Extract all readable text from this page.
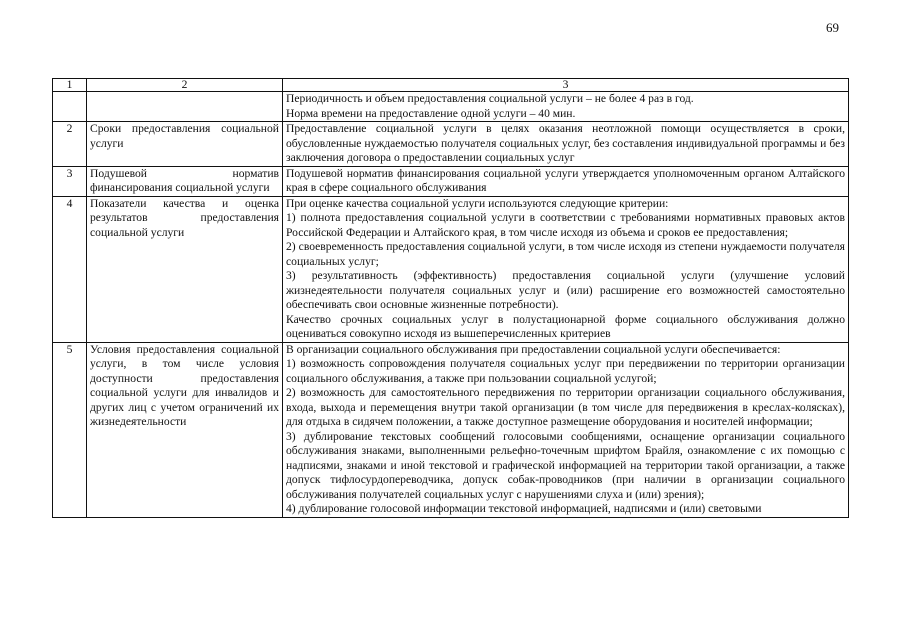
69
1	2	3

		Периодичность и объем предоставления социальной услуги – не более 4 раз в год.
Норма времени на предоставление одной услуги – 40 мин.

2	Сроки предоставления социальной услуги	Предоставление социальной услуги в целях оказания неотложной помощи осуществляется в сроки, обусловленные нуждаемостью получателя социальных услуг, без составления индивидуальной программы и без заключения договора о предоставлении социальных услуг

3	Подушевой норматив финансирования социальной услуги	Подушевой норматив финансирования социальной услуги утверждается уполномоченным органом Алтайского края в сфере социального обслуживания

4	Показатели качества и оценка результатов предоставления социальной услуги	При оценке качества социальной услуги используются следующие критерии:
1) полнота предоставления социальной услуги в соответствии с требованиями нормативных правовых актов Российской Федерации и Алтайского края, в том числе исходя из объема и сроков ее предоставления;
2) своевременность предоставления социальной услуги, в том числе исходя из степени нуждаемости получателя социальных услуг;
3) результативность (эффективность) предоставления социальной услуги (улучшение условий жизнедеятельности получателя социальных услуг и (или) расширение его возможностей самостоятельно обеспечивать свои основные жизненные потребности).
Качество срочных социальных услуг в полустационарной форме социального обслуживания должно оцениваться совокупно исходя из вышеперечисленных критериев

5	Условия предоставления социальной услуги, в том числе условия доступности предоставления социальной услуги для инвалидов и других лиц с учетом ограничений их жизнедеятельности	В организации социального обслуживания при предоставлении социальной услуги обеспечивается:
1) возможность сопровождения получателя социальных услуг при передвижении по территории организации социального обслуживания, а также при пользовании социальной услугой;
2) возможность для самостоятельного передвижения по территории организации социального обслуживания, входа, выхода и перемещения внутри такой организации (в том числе для передвижения в креслах-колясках), для отдыха в сидячем положении, а также доступное размещение оборудования и носителей информации;
3) дублирование текстовых сообщений голосовыми сообщениями, оснащение организации социального обслуживания знаками, выполненными рельефно-точечным шрифтом Брайля, ознакомление с их помощью с надписями, знаками и иной текстовой и графической информацией на территории такой организации, а также допуск тифлосурдопереводчика, допуск собак-проводников (при наличии в организации социального обслуживания получателей социальных услуг с нарушениями слуха и (или) зрения);
4) дублирование голосовой информации текстовой информацией, надписями и (или) световыми
